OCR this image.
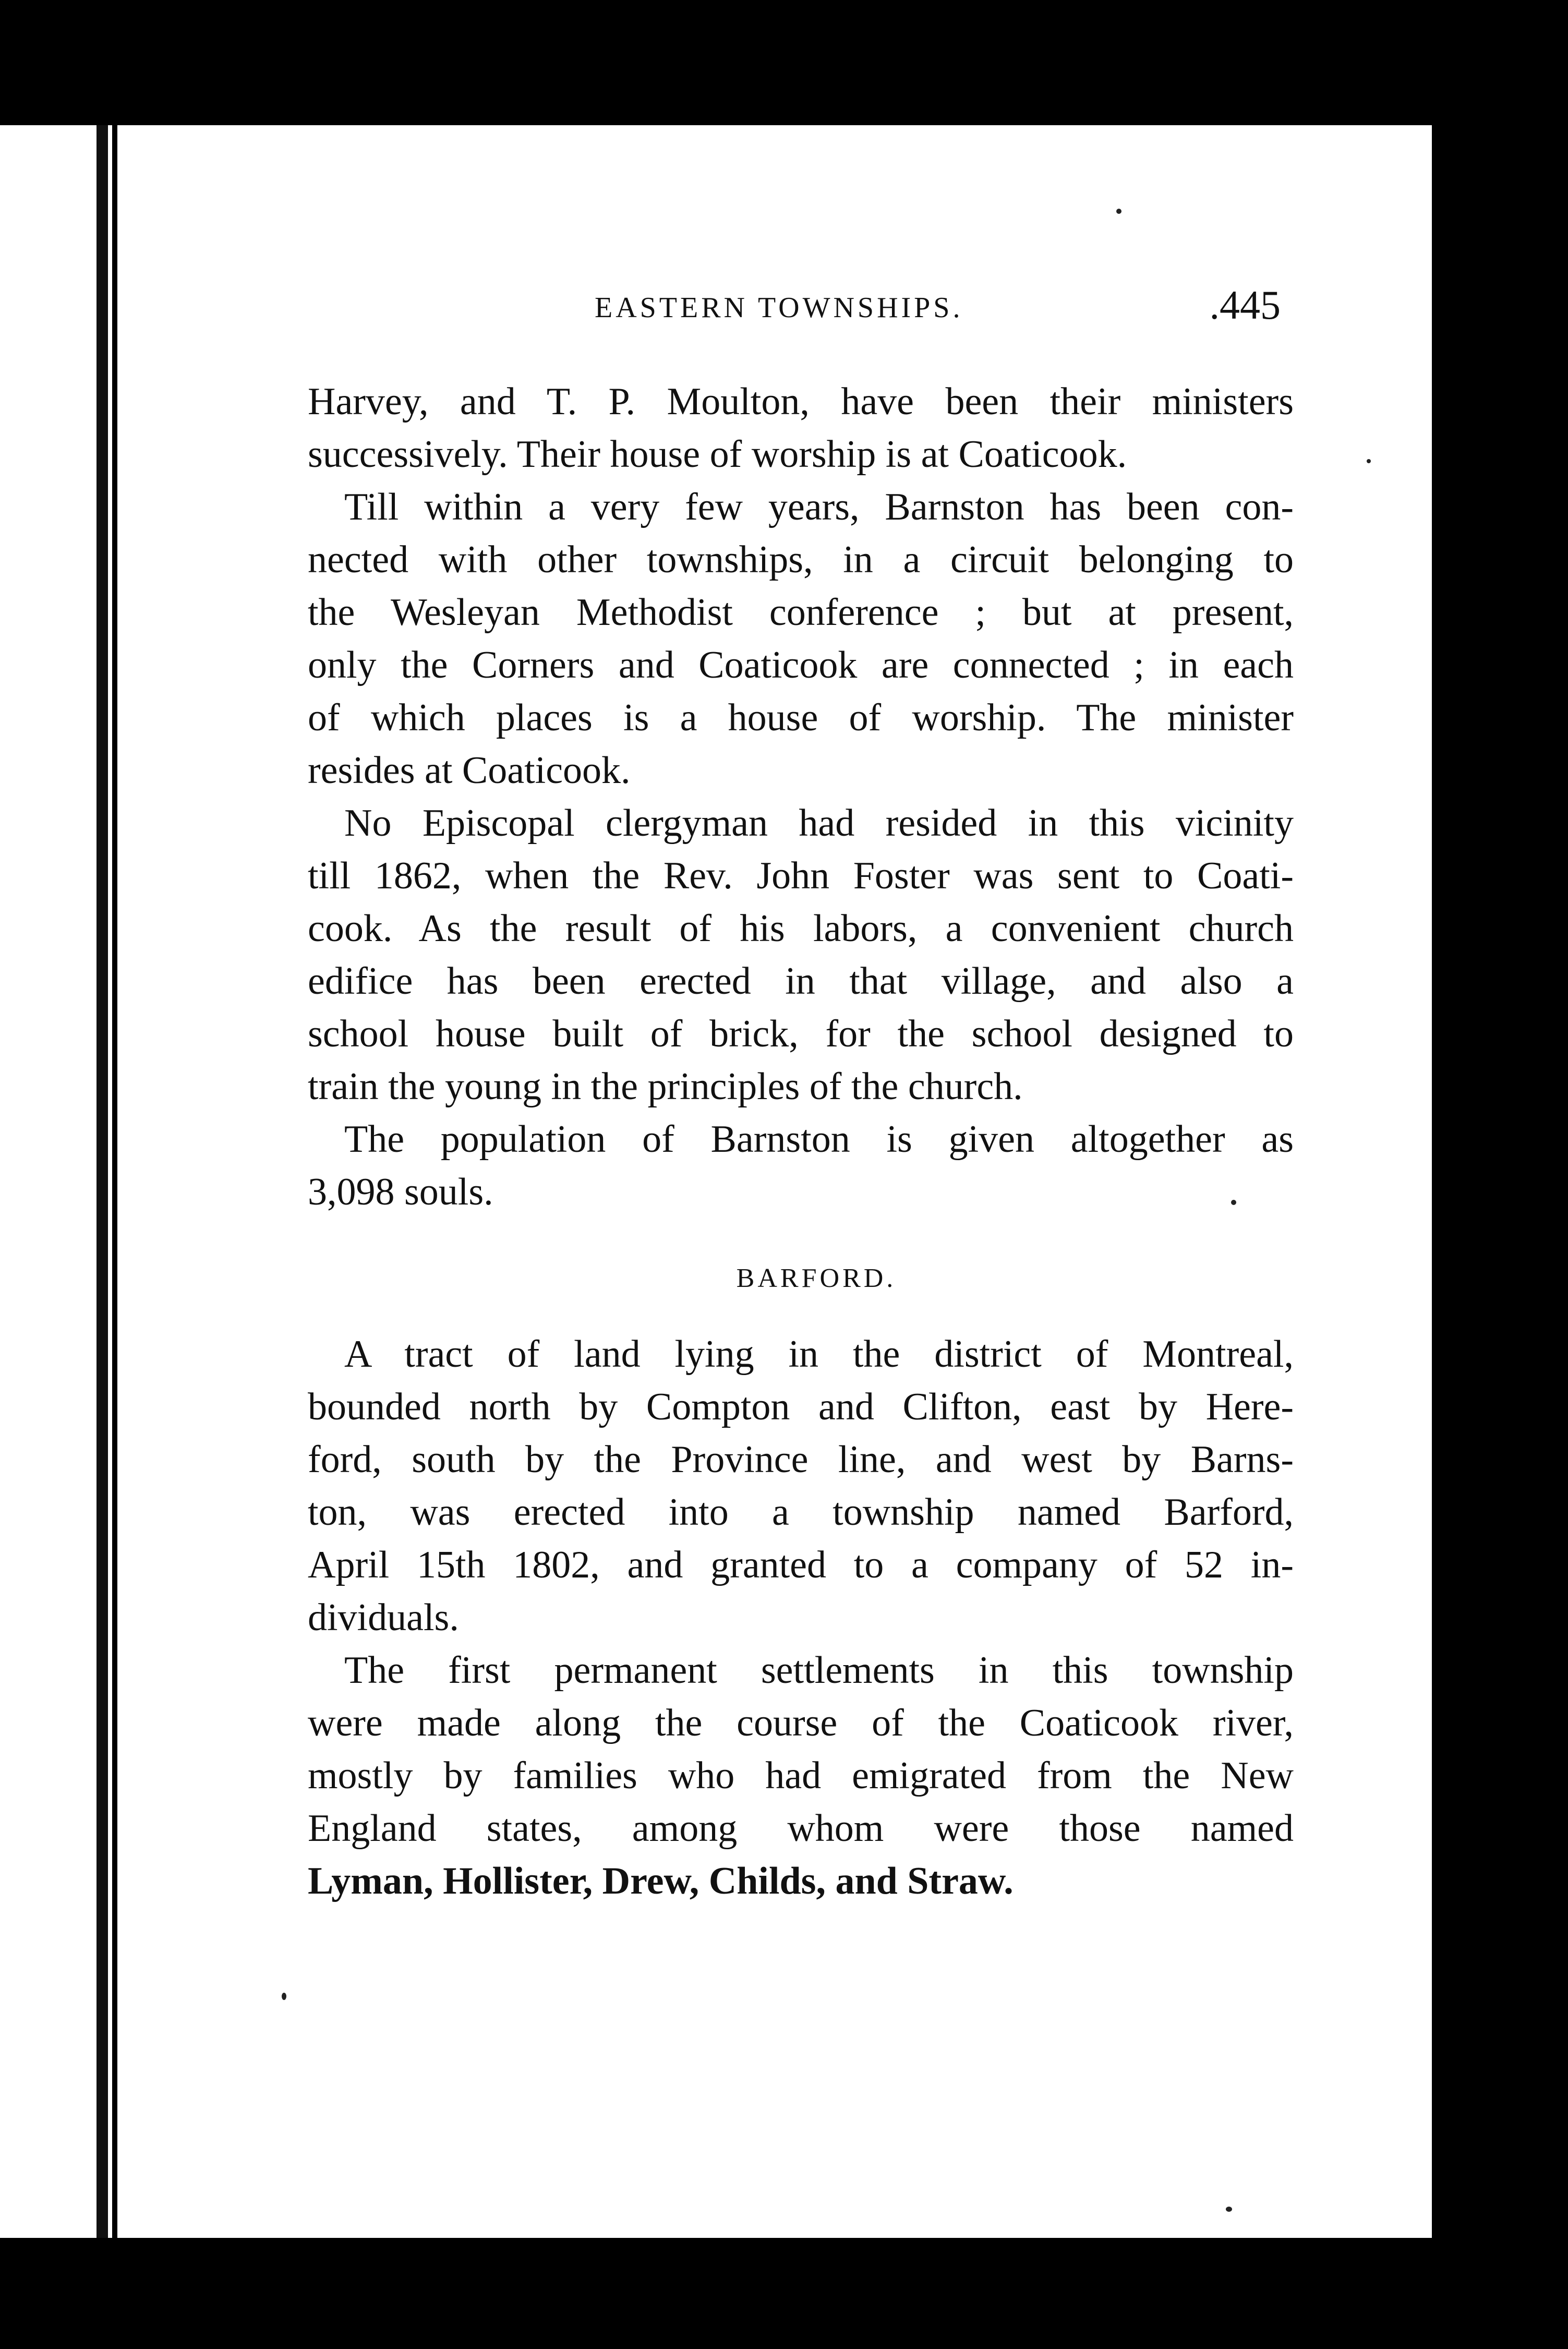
EASTERN TOWNSHIPS.	.445
Harvey, and T. P. Moulton, have been their ministers
successively. Their house of worship is at Coaticook.
Till within a very few years, Barnston has been con-
nected with other townships, in a circuit belonging to
the Wesleyan Methodist conference ; but at present,
only the Corners and Coaticook are connected ; in each
of which places is a house of worship. The minister
resides at Coaticook.
No Episcopal clergyman had resided in this vicinity
till 1862, when the Rev. John Foster was sent to Coati-
cook. As the result of his labors, a convenient church
edifice has been erected in that village, and also a
school house built of brick, for the school designed to
train the young in the principles of the church.
The population of Barnston is given altogether as
3,098 souls.
BARFORD.
A tract of land lying in the district of Montreal,
bounded north by Compton and Clifton, east by Here-
ford, south by the Province line, and west by Barns-
ton, was erected into a township named Barford,
April 15th 1802, and granted to a company of 52 in-
dividuals.
The first permanent settlements in this township
were made along the course of the Coaticook river,
mostly by families who had emigrated from the New
England states, among whom were those named
Lyman, Hollister, Drew, Childs, and Straw.
